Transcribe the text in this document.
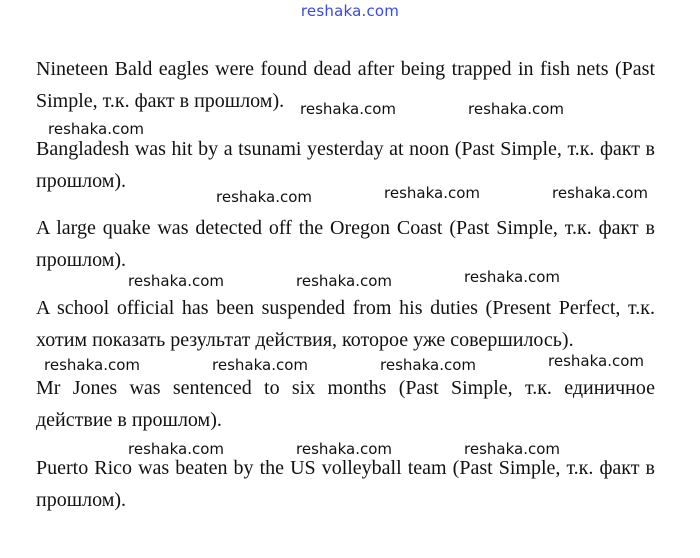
reshaka.com
Nineteen Bald eagles were found dead after being trapped in fish nets (Past Simple, т.к. факт в прошлом).
Bangladesh was hit by a tsunami yesterday at noon (Past Simple, т.к. факт в прошлом).
A large quake was detected off the Oregon Coast (Past Simple, т.к. факт в прошлом).
A school official has been suspended from his duties (Present Perfect, т.к. хотим показать результат действия, которое уже совершилось).
Mr Jones was sentenced to six months (Past Simple, т.к. единичное действие в прошлом).
Puerto Rico was beaten by the US volleyball team (Past Simple, т.к. факт в прошлом).
reshaka.com	reshaka.com
reshaka.com
reshaka.com	reshaka.com	reshaka.com
reshaka.com	reshaka.com	reshaka.com
reshaka.com	reshaka.com	reshaka.com	reshaka.com
reshaka.com	reshaka.com	reshaka.com
